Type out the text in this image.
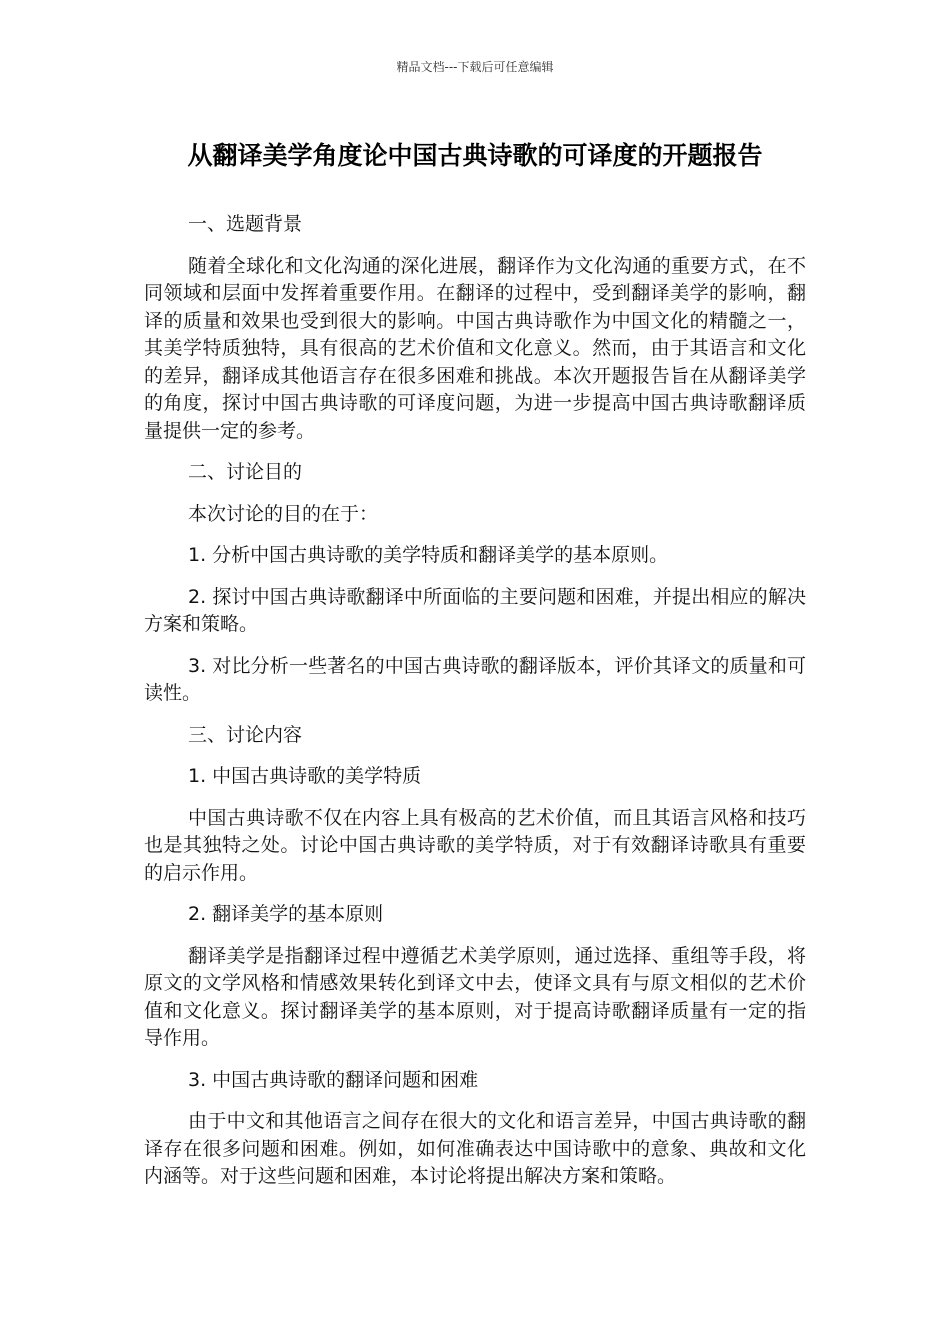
精品文档---下载后可任意编辑
从翻译美学角度论中国古典诗歌的可译度的开题报告

一、选题背景

随着全球化和文化沟通的深化进展，翻译作为文化沟通的重要方式，在不同领域和层面中发挥着重要作用。在翻译的过程中，受到翻译美学的影响，翻译的质量和效果也受到很大的影响。中国古典诗歌作为中国文化的精髓之一，其美学特质独特，具有很高的艺术价值和文化意义。然而，由于其语言和文化的差异，翻译成其他语言存在很多困难和挑战。本次开题报告旨在从翻译美学的角度，探讨中国古典诗歌的可译度问题，为进一步提高中国古典诗歌翻译质量提供一定的参考。

二、讨论目的

本次讨论的目的在于：

1. 分析中国古典诗歌的美学特质和翻译美学的基本原则。

2. 探讨中国古典诗歌翻译中所面临的主要问题和困难，并提出相应的解决方案和策略。

3. 对比分析一些著名的中国古典诗歌的翻译版本，评价其译文的质量和可读性。

三、讨论内容

1. 中国古典诗歌的美学特质

中国古典诗歌不仅在内容上具有极高的艺术价值，而且其语言风格和技巧也是其独特之处。讨论中国古典诗歌的美学特质，对于有效翻译诗歌具有重要的启示作用。

2. 翻译美学的基本原则

翻译美学是指翻译过程中遵循艺术美学原则，通过选择、重组等手段，将原文的文学风格和情感效果转化到译文中去，使译文具有与原文相似的艺术价值和文化意义。探讨翻译美学的基本原则，对于提高诗歌翻译质量有一定的指导作用。

3. 中国古典诗歌的翻译问题和困难

由于中文和其他语言之间存在很大的文化和语言差异，中国古典诗歌的翻译存在很多问题和困难。例如，如何准确表达中国诗歌中的意象、典故和文化内涵等。对于这些问题和困难，本讨论将提出解决方案和策略。
